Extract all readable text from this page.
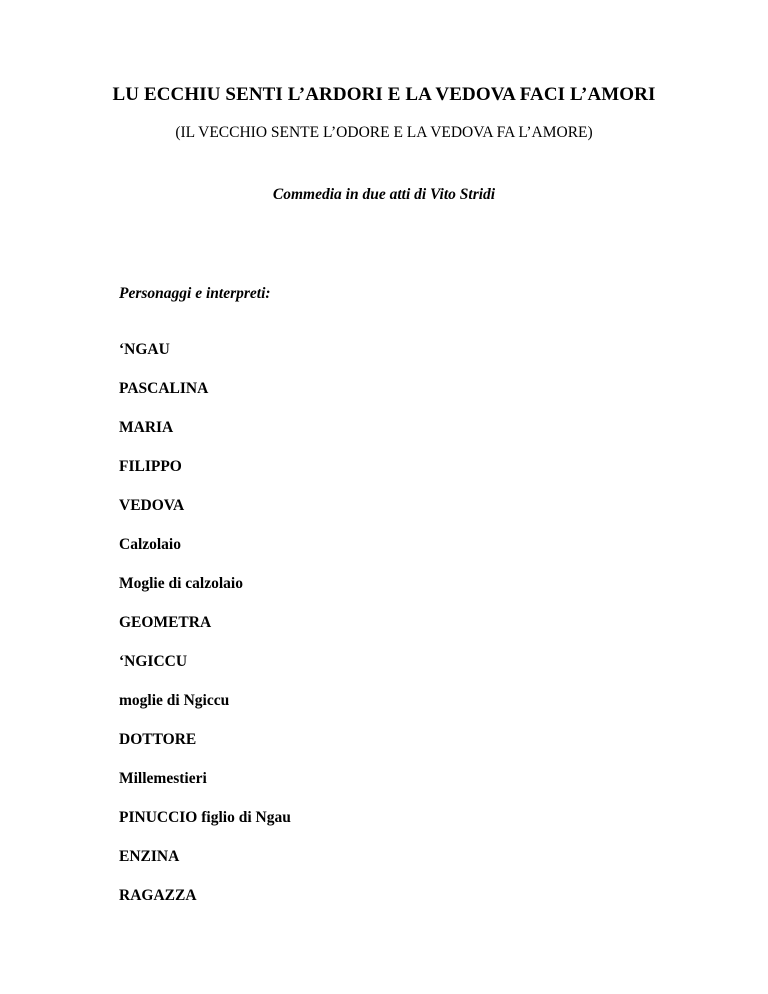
LU ECCHIU SENTI L’ARDORI E LA VEDOVA FACI L’AMORI
(IL VECCHIO SENTE L’ODORE E LA VEDOVA FA L’AMORE)
Commedia in due atti di Vito Stridi
Personaggi e interpreti:
‘NGAU
PASCALINA
MARIA
FILIPPO
VEDOVA
Calzolaio
Moglie di calzolaio
GEOMETRA
‘NGICCU
moglie di Ngiccu
DOTTORE
Millemestieri
PINUCCIO figlio di Ngau
ENZINA
RAGAZZA
